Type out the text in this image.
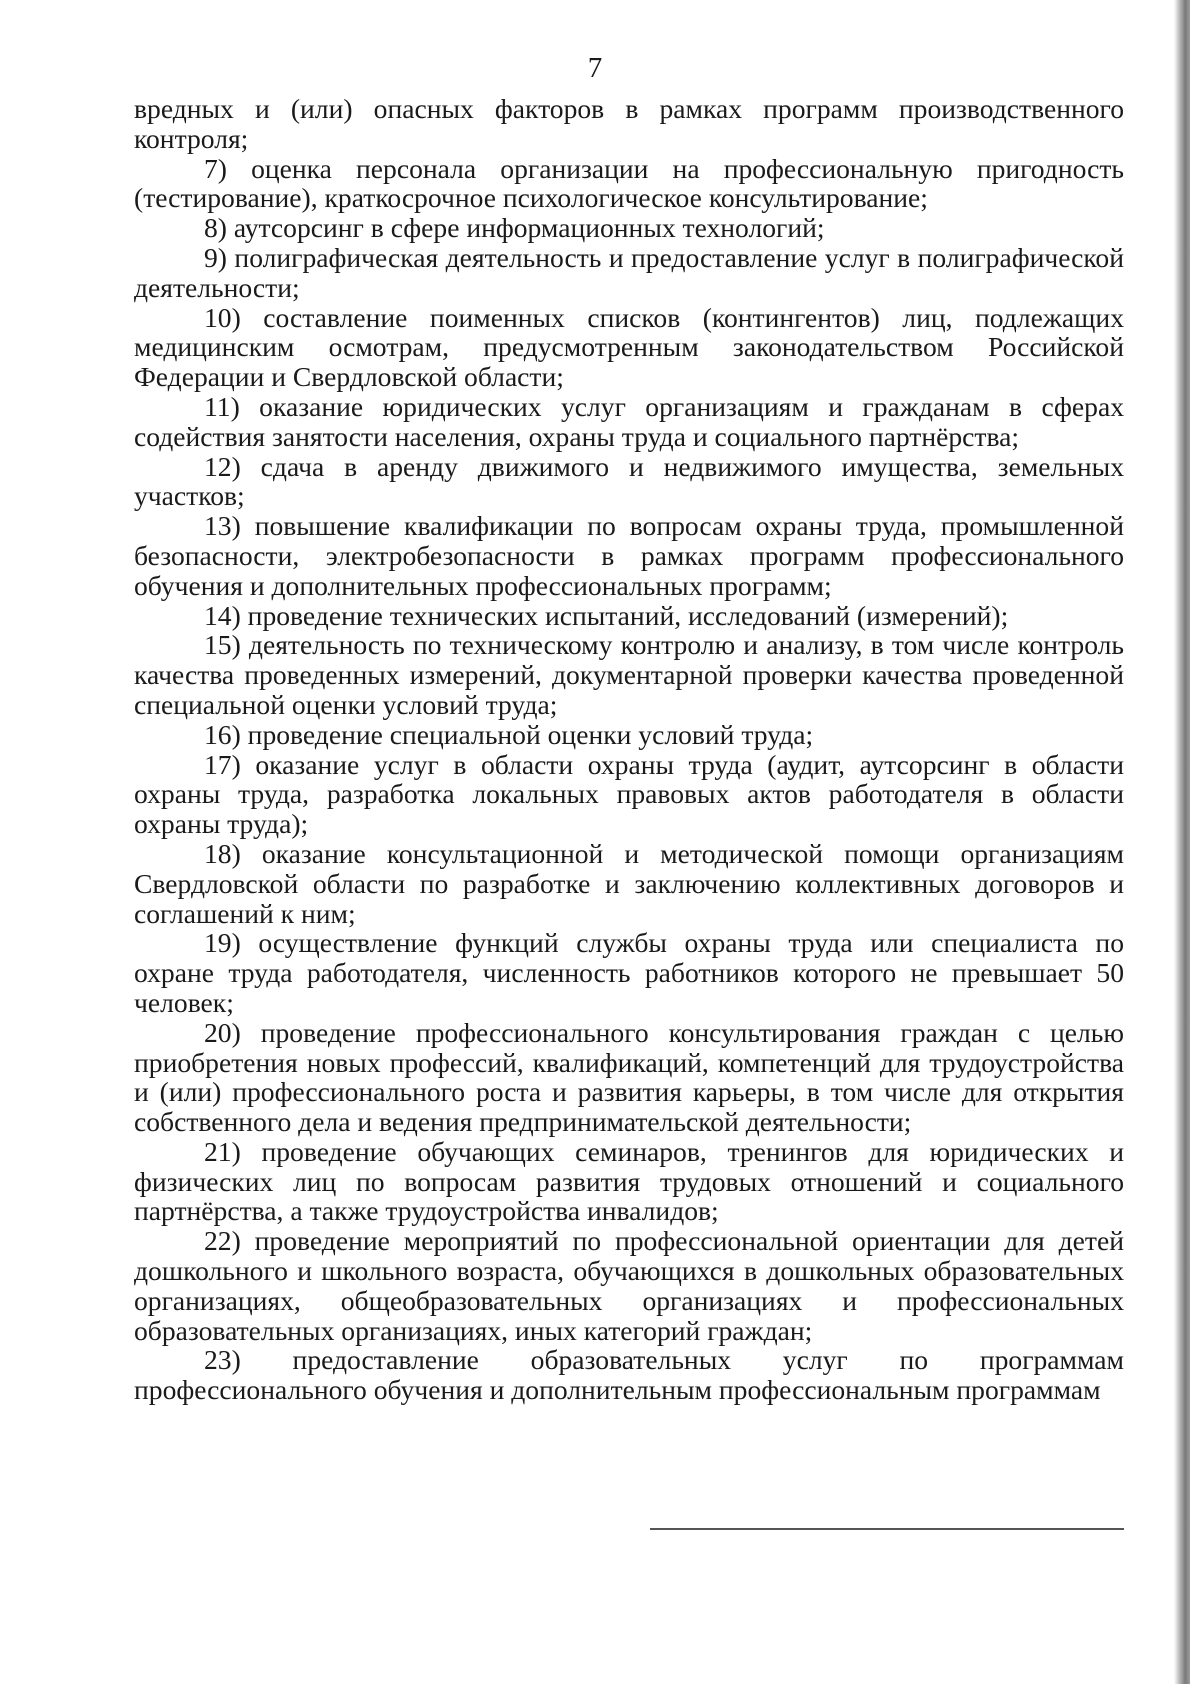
7

вредных и (или) опасных факторов в рамках программ производственного контроля;

7) оценка персонала организации на профессиональную пригодность (тестирование), краткосрочное психологическое консультирование;

8) аутсорсинг в сфере информационных технологий;

9) полиграфическая деятельность и предоставление услуг в полиграфической деятельности;

10) составление поименных списков (контингентов) лиц, подлежащих медицинским осмотрам, предусмотренным законодательством Российской Федерации и Свердловской области;

11) оказание юридических услуг организациям и гражданам в сферах содействия занятости населения, охраны труда и социального партнёрства;

12) сдача в аренду движимого и недвижимого имущества, земельных участков;

13) повышение квалификации по вопросам охраны труда, промышленной безопасности, электробезопасности в рамках программ профессионального обучения и дополнительных профессиональных программ;

14) проведение технических испытаний, исследований (измерений);

15) деятельность по техническому контролю и анализу, в том числе контроль качества проведенных измерений, документарной проверки качества проведенной специальной оценки условий труда;

16) проведение специальной оценки условий труда;

17) оказание услуг в области охраны труда (аудит, аутсорсинг в области охраны труда, разработка локальных правовых актов работодателя в области охраны труда);

18) оказание консультационной и методической помощи организациям Свердловской области по разработке и заключению коллективных договоров и соглашений к ним;

19) осуществление функций службы охраны труда или специалиста по охране труда работодателя, численность работников которого не превышает 50 человек;

20) проведение профессионального консультирования граждан с целью приобретения новых профессий, квалификаций, компетенций для трудоустройства и (или) профессионального роста и развития карьеры, в том числе для открытия собственного дела и ведения предпринимательской деятельности;

21) проведение обучающих семинаров, тренингов для юридических и физических лиц по вопросам развития трудовых отношений и социального партнёрства, а также трудоустройства инвалидов;

22) проведение мероприятий по профессиональной ориентации для детей дошкольного и школьного возраста, обучающихся в дошкольных образовательных организациях, общеобразовательных организациях и профессиональных образовательных организациях, иных категорий граждан;

23) предоставление образовательных услуг по программам профессионального обучения и дополнительным профессиональным программам
